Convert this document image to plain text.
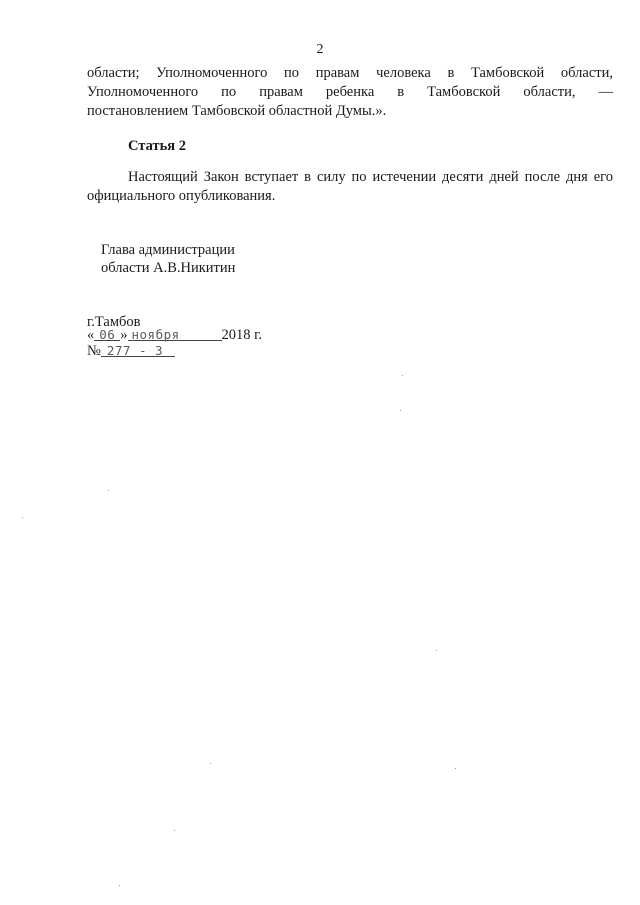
2
области; Уполномоченного по правам человека в Тамбовской области,
Уполномоченного по правам ребенка в Тамбовской области, —
постановлением Тамбовской областной Думы.».
Статья 2
Настоящий Закон вступает в силу по истечении десяти дней после дня его официального опубликования.
Глава администрации
области А.В.Никитин
г.Тамбов
« 06 » ноября	2018 г.
№ 277 - З
